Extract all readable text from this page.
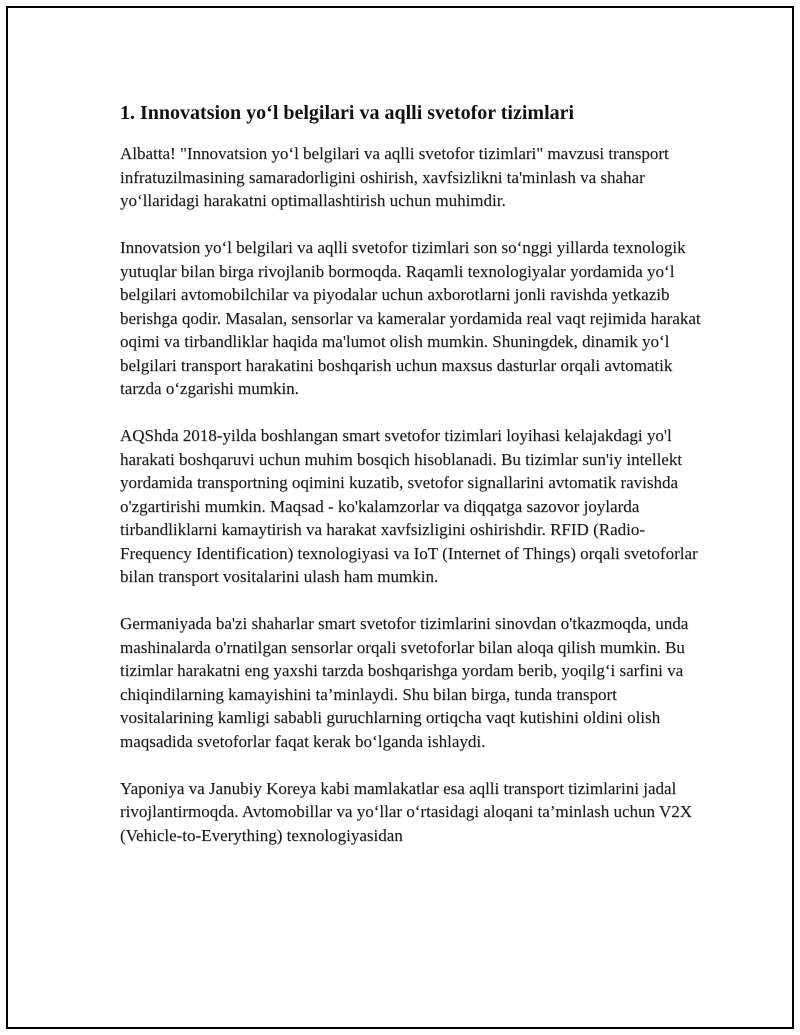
1. Innovatsion yo‘l belgilari va aqlli svetofor tizimlari

Albatta! "Innovatsion yo‘l belgilari va aqlli svetofor tizimlari" mavzusi transport infratuzilmasining samaradorligini oshirish, xavfsizlikni ta'minlash va shahar yo‘llaridagi harakatni optimallashtirish uchun muhimdir.

Innovatsion yo‘l belgilari va aqlli svetofor tizimlari son so‘nggi yillarda texnologik yutuqlar bilan birga rivojlanib bormoqda. Raqamli texnologiyalar yordamida yo‘l belgilari avtomobilchilar va piyodalar uchun axborotlarni jonli ravishda yetkazib berishga qodir. Masalan, sensorlar va kameralar yordamida real vaqt rejimida harakat oqimi va tirbandliklar haqida ma'lumot olish mumkin. Shuningdek, dinamik yo‘l belgilari transport harakatini boshqarish uchun maxsus dasturlar orqali avtomatik tarzda o‘zgarishi mumkin.

AQShda 2018-yilda boshlangan smart svetofor tizimlari loyihasi kelajakdagi yo'l harakati boshqaruvi uchun muhim bosqich hisoblanadi. Bu tizimlar sun'iy intellekt yordamida transportning oqimini kuzatib, svetofor signallarini avtomatik ravishda o'zgartirishi mumkin. Maqsad - ko'kalamzorlar va diqqatga sazovor joylarda tirbandliklarni kamaytirish va harakat xavfsizligini oshirishdir. RFID (Radio-Frequency Identification) texnologiyasi va IoT (Internet of Things) orqali svetoforlar bilan transport vositalarini ulash ham mumkin.

Germaniyada ba'zi shaharlar smart svetofor tizimlarini sinovdan o'tkazmoqda, unda mashinalarda o'rnatilgan sensorlar orqali svetoforlar bilan aloqa qilish mumkin. Bu tizimlar harakatni eng yaxshi tarzda boshqarishga yordam berib, yoqilg‘i sarfini va chiqindilarning kamayishini ta’minlaydi. Shu bilan birga, tunda transport vositalarining kamligi sababli guruchlarning ortiqcha vaqt kutishini oldini olish maqsadida svetoforlar faqat kerak bo‘lganda ishlaydi.

Yaponiya va Janubiy Koreya kabi mamlakatlar esa aqlli transport tizimlarini jadal rivojlantirmoqda. Avtomobillar va yo‘llar o‘rtasidagi aloqani ta’minlash uchun V2X (Vehicle-to-Everything) texnologiyasidan
